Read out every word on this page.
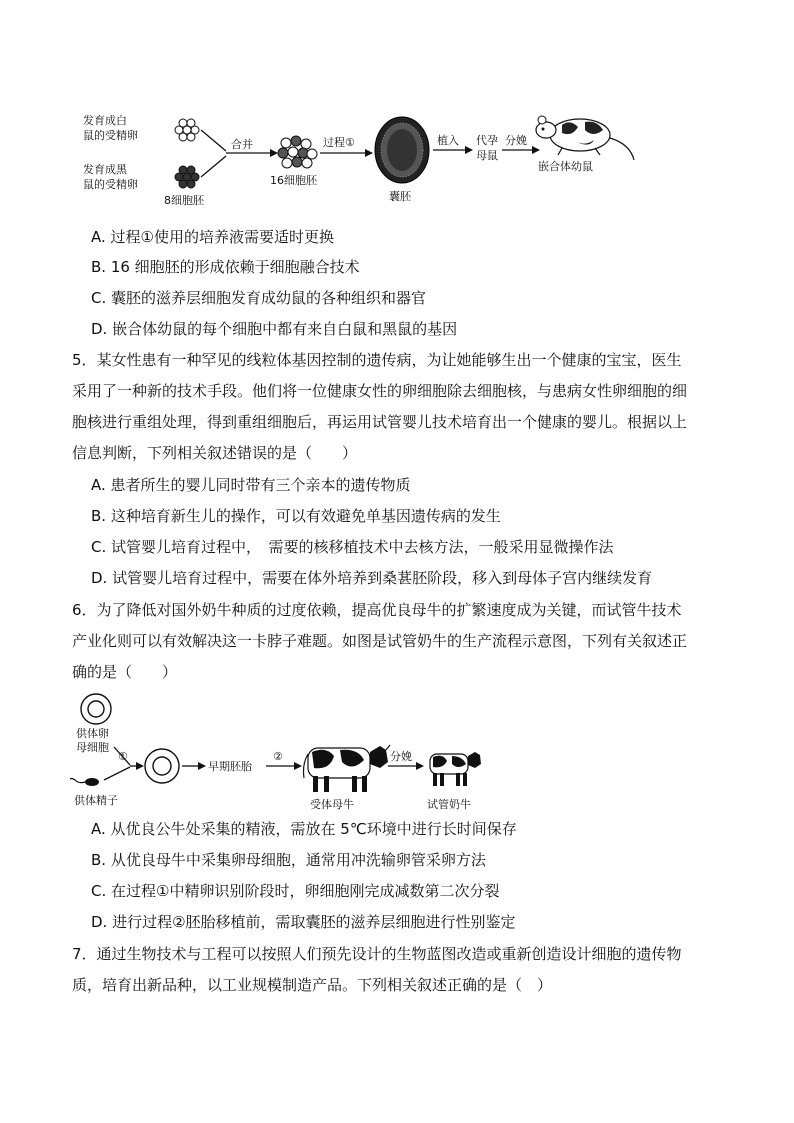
发育成白
鼠的受精卵
发育成黑
鼠的受精卵
8细胞胚
合并
16细胞胚
过程①
囊胚
植入 代孕
母鼠
分娩
嵌合体幼鼠
A. 过程①使用的培养液需要适时更换
B. 16 细胞胚的形成依赖于细胞融合技术
C. 囊胚的滋养层细胞发育成幼鼠的各种组织和器官
D. 嵌合体幼鼠的每个细胞中都有来自白鼠和黑鼠的基因
5．某女性患有一种罕见的线粒体基因控制的遗传病，为让她能够生出一个健康的宝宝，医生
采用了一种新的技术手段。他们将一位健康女性的卵细胞除去细胞核，与患病女性卵细胞的细
胞核进行重组处理，得到重组细胞后，再运用试管婴儿技术培育出一个健康的婴儿。根据以上
信息判断，下列相关叙述错误的是（　　）
A. 患者所生的婴儿同时带有三个亲本的遗传物质
B. 这种培育新生儿的操作，可以有效避免单基因遗传病的发生
C. 试管婴儿培育过程中，　需要的核移植技术中去核方法，一般采用显微操作法
D. 试管婴儿培育过程中，需要在体外培养到桑葚胚阶段，移入到母体子宫内继续发育
6．为了降低对国外奶牛种质的过度依赖，提高优良母牛的扩繁速度成为关键，而试管牛技术
产业化则可以有效解决这一卡脖子难题。如图是试管奶牛的生产流程示意图，下列有关叙述正
确的是（　　）
供体卵
母细胞
①
供体精子
早期胚胎
②
受体母牛
分娩
试管奶牛
A. 从优良公牛处采集的精液，需放在 5℃环境中进行长时间保存
B. 从优良母牛中采集卵母细胞，通常用冲洗输卵管采卵方法
C. 在过程①中精卵识别阶段时，卵细胞刚完成减数第二次分裂
D. 进行过程②胚胎移植前，需取囊胚的滋养层细胞进行性别鉴定
7．通过生物技术与工程可以按照人们预先设计的生物蓝图改造或重新创造设计细胞的遗传物
质，培育出新品种，以工业规模制造产品。下列相关叙述正确的是（　）
